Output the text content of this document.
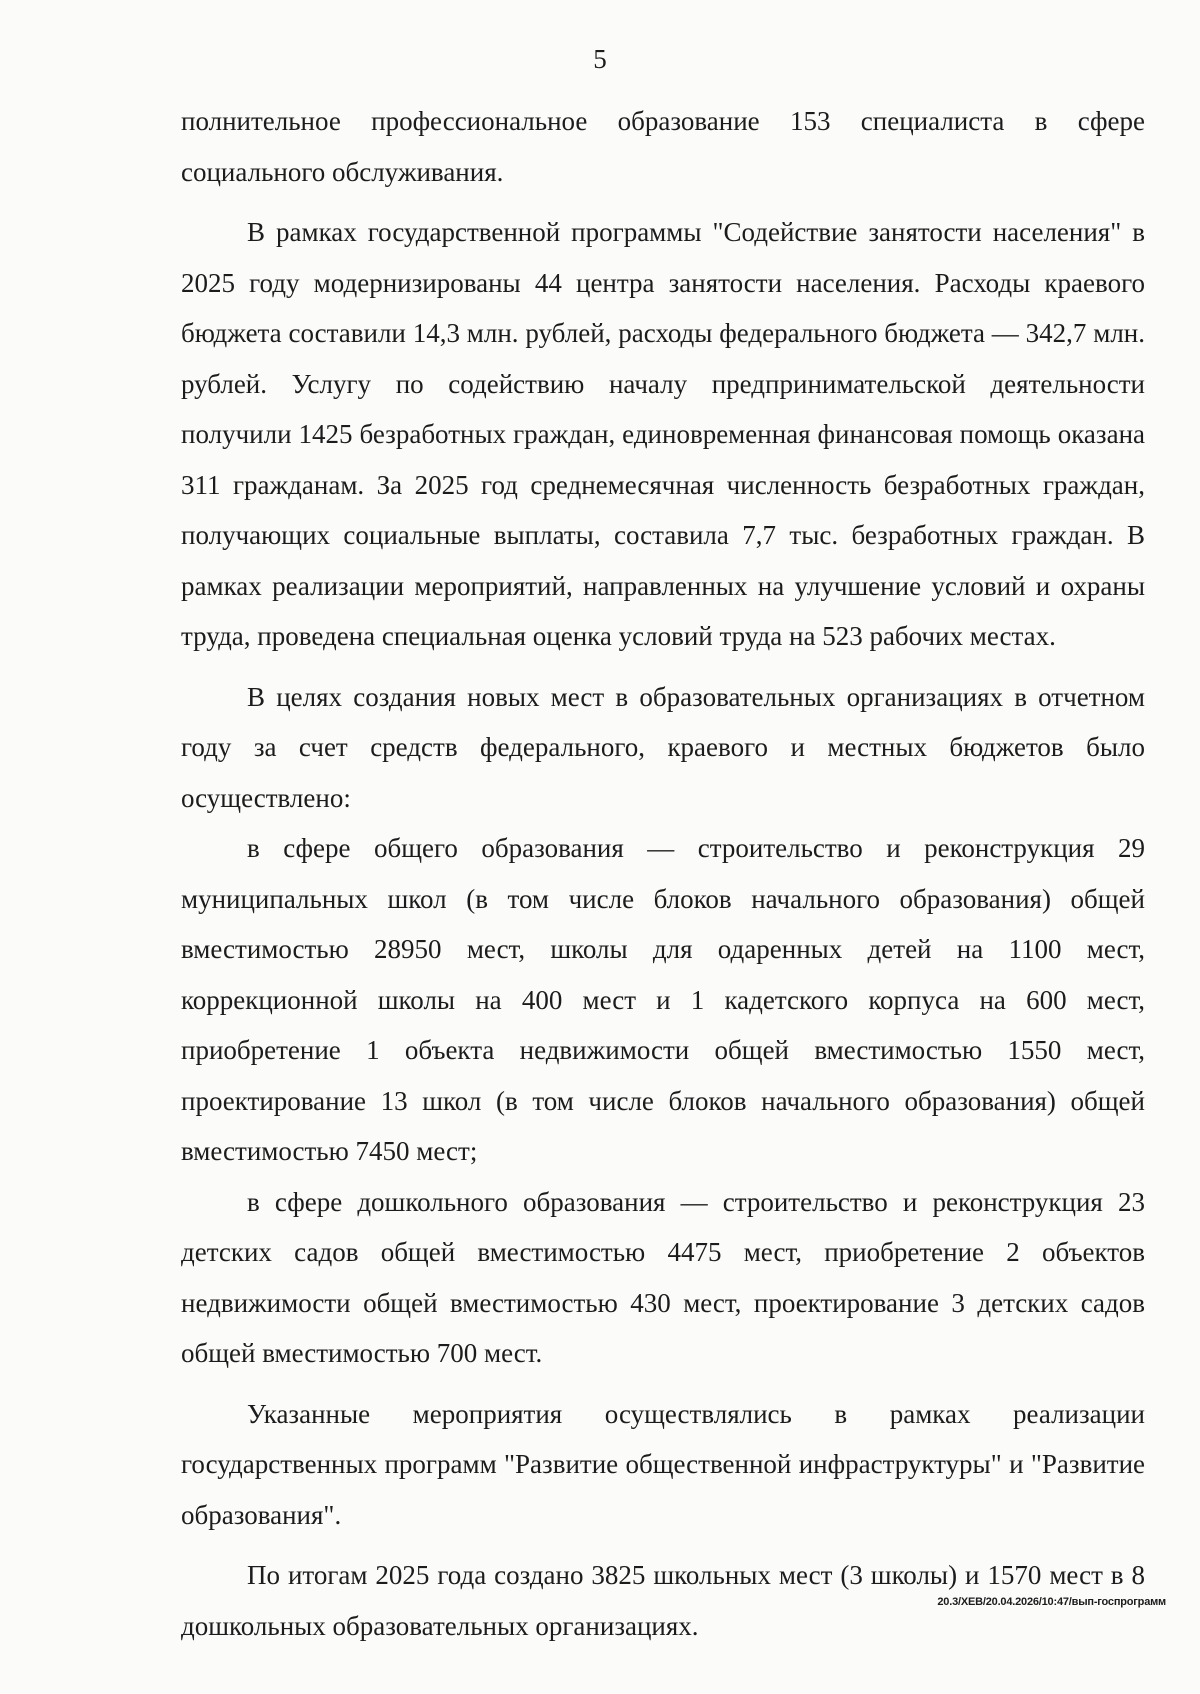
5

полнительное профессиональное образование 153 специалиста в сфере социального обслуживания.

В рамках государственной программы "Содействие занятости населения" в 2025 году модернизированы 44 центра занятости населения. Расходы краевого бюджета составили 14,3 млн. рублей, расходы федерального бюджета — 342,7 млн. рублей. Услугу по содействию началу предпринимательской деятельности получили 1425 безработных граждан, единовременная финансовая помощь оказана 311 гражданам. За 2025 год среднемесячная численность безработных граждан, получающих социальные выплаты, составила 7,7 тыс. безработных граждан. В рамках реализации мероприятий, направленных на улучшение условий и охраны труда, проведена специальная оценка условий труда на 523 рабочих местах.

В целях создания новых мест в образовательных организациях в отчетном году за счет средств федерального, краевого и местных бюджетов было осуществлено:

в сфере общего образования — строительство и реконструкция 29 муниципальных школ (в том числе блоков начального образования) общей вместимостью 28950 мест, школы для одаренных детей на 1100 мест, коррекционной школы на 400 мест и 1 кадетского корпуса на 600 мест, приобретение 1 объекта недвижимости общей вместимостью 1550 мест, проектирование 13 школ (в том числе блоков начального образования) общей вместимостью 7450 мест;

в сфере дошкольного образования — строительство и реконструкция 23 детских садов общей вместимостью 4475 мест, приобретение 2 объектов недвижимости общей вместимостью 430 мест, проектирование 3 детских садов общей вместимостью 700 мест.

Указанные мероприятия осуществлялись в рамках реализации государственных программ "Развитие общественной инфраструктуры" и "Развитие образования".

По итогам 2025 года создано 3825 школьных мест (3 школы) и 1570 мест в 8 дошкольных образовательных организациях.

20.3/ХЕВ/20.04.2026/10:47/вып-госпрограмм
